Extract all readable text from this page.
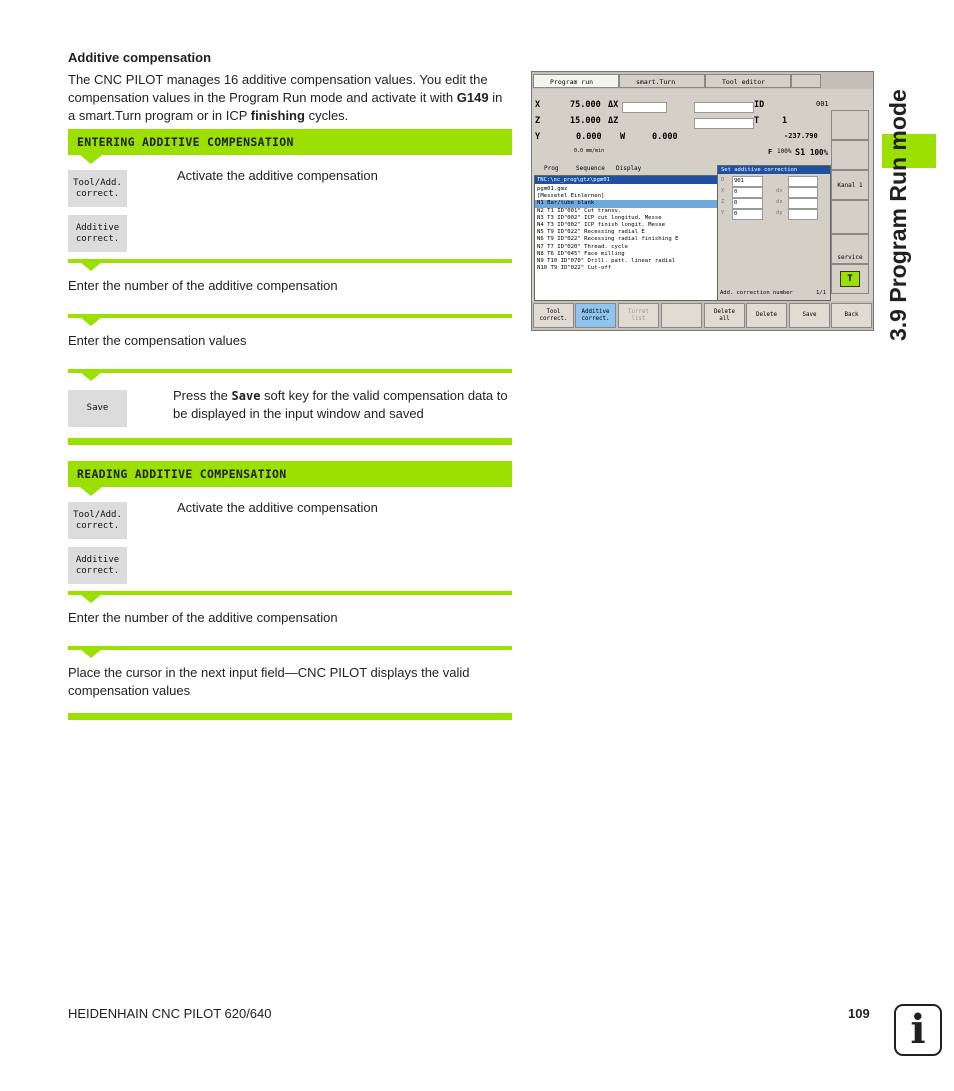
Additive compensation
The CNC PILOT manages 16 additive compensation values. You edit the compensation values in the Program Run mode and activate it with G149 in a smart.Turn program or in ICP finishing cycles.
ENTERING ADDITIVE COMPENSATION
Tool/Add.
correct.
Activate the additive compensation
Additive
correct.
Enter the number of the additive compensation
Enter the compensation values
Save
Press the Save soft key for the valid compensation data to be displayed in the input window and saved
READING ADDITIVE COMPENSATION
Tool/Add.
correct.
Activate the additive compensation
Additive
correct.
Enter the number of the additive compensation
Place the cursor in the next input field—CNC PILOT displays the valid compensation values
Program run	smart.Turn	Tool editor
X	75.000 ΔX	ID	001
Z	15.000 ΔZ	T	1
Y	0.000 W	0.000	-237.790
0.0 mm/min	F 100% S1 100%
Prog	Sequence Display
TNC:\nc_prog\gtz\pgm01
pgm01.gmz
[Messetel Einlernen]
N1 Bar/tube blank
N2 T1 ID"001" Cut transv.
N3 T3 ID"002" ICP cut longitud. Messe
N4 T3 ID"002" ICP finish longit. Messe
N5 T9 ID"022" Recessing radial E
N6 T9 ID"022" Recessing radial finishing E
N7 T7 ID"020" Thread. cycle
N8 T6 ID"045" Face milling
N9 T10 ID"070" Drill. patt. linear radial
N10 T9 ID"022" Cut-off
Set additive correction
D	901
X	0	dx
Z	0	dz
Y	0	dy
Add. correction number	1/1
Kanal 1
service
T
Tool
correct.
Additive
correct.
Turret
list
Delete
all
Delete	Save	Back	3.9 Program Run mode
HEIDENHAIN CNC PILOT 620/640	109 i
